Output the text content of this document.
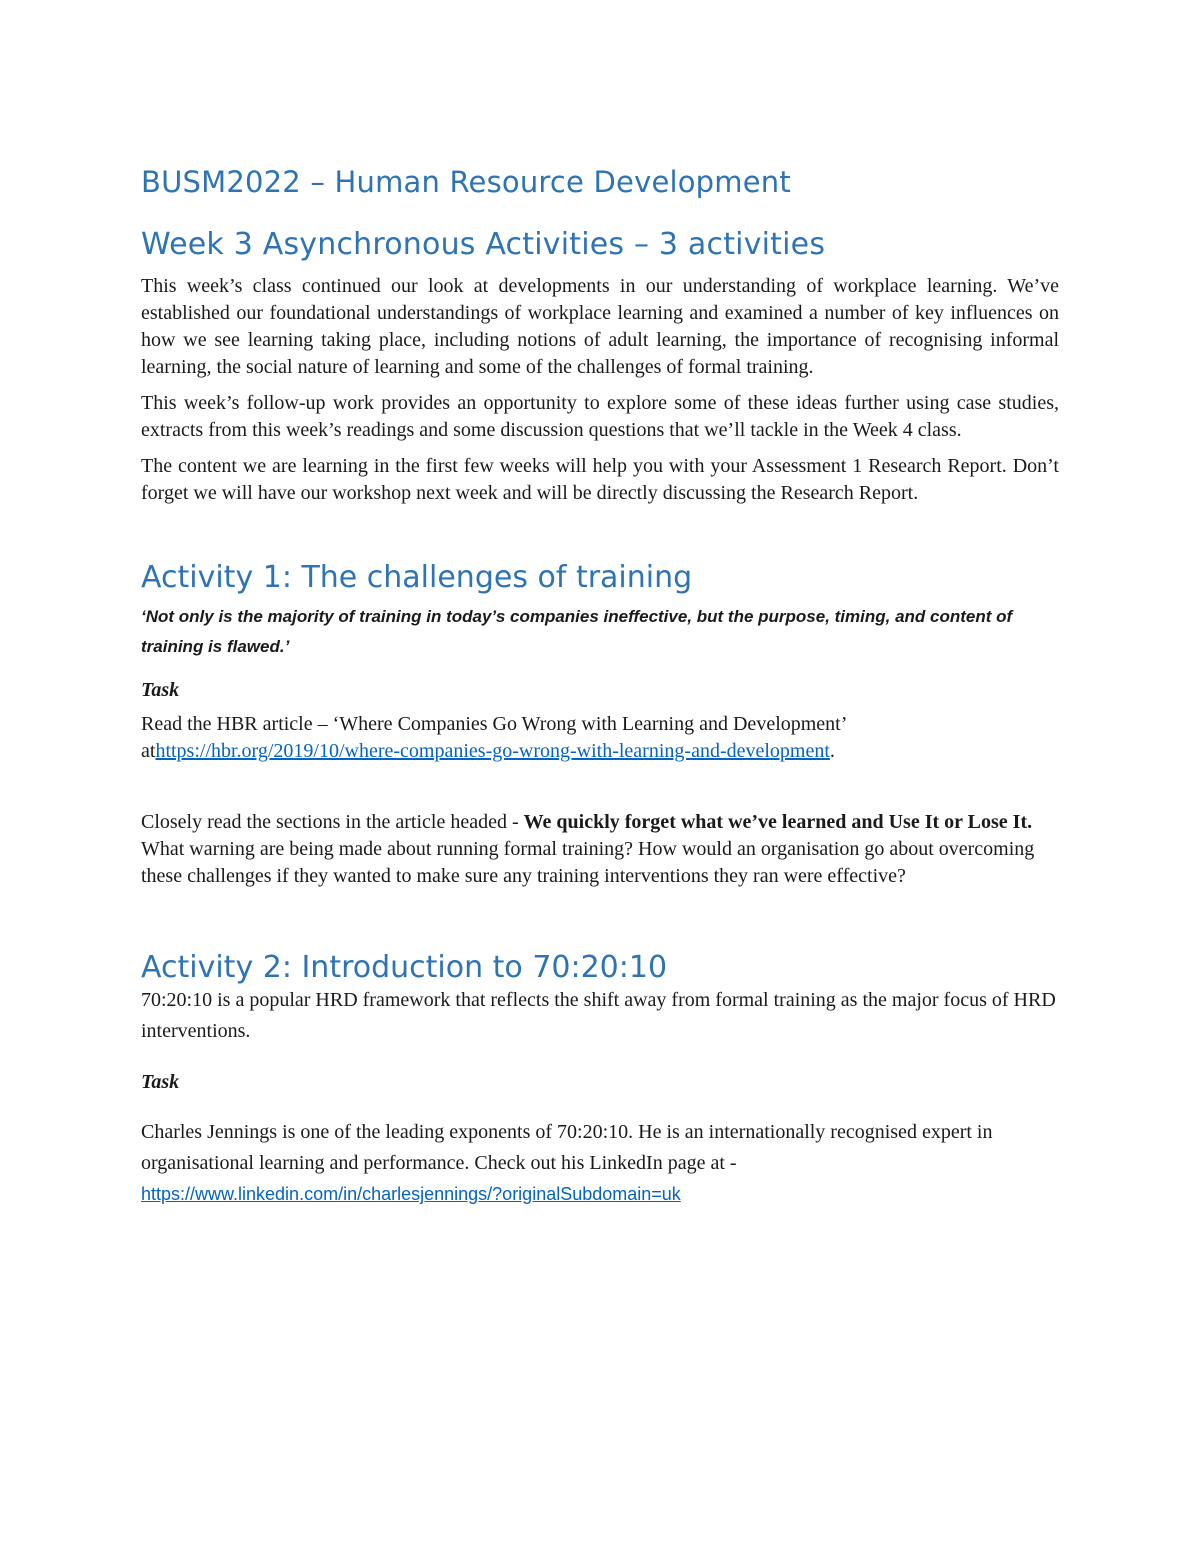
BUSM2022 – Human Resource Development
Week 3 Asynchronous Activities – 3 activities

This week’s class continued our look at developments in our understanding of workplace learning. We’ve established our foundational understandings of workplace learning and examined a number of key influences on how we see learning taking place, including notions of adult learning, the importance of recognising informal learning, the social nature of learning and some of the challenges of formal training.

This week’s follow-up work provides an opportunity to explore some of these ideas further using case studies, extracts from this week’s readings and some discussion questions that we’ll tackle in the Week 4 class.

The content we are learning in the first few weeks will help you with your Assessment 1 Research Report. Don’t forget we will have our workshop next week and will be directly discussing the Research Report.

Activity 1: The challenges of training

‘Not only is the majority of training in today’s companies ineffective, but the purpose, timing, and content of training is flawed.’

Task

Read the HBR article – ‘Where Companies Go Wrong with Learning and Development’
athttps://hbr.org/2019/10/where-companies-go-wrong-with-learning-and-development.

Closely read the sections in the article headed - We quickly forget what we’ve learned and Use It or Lose It. What warning are being made about running formal training? How would an organisation go about overcoming these challenges if they wanted to make sure any training interventions they ran were effective?

Activity 2: Introduction to 70:20:10

70:20:10 is a popular HRD framework that reflects the shift away from formal training as the major focus of HRD interventions.

Task

Charles Jennings is one of the leading exponents of 70:20:10. He is an internationally recognised expert in organisational learning and performance. Check out his LinkedIn page at -
https://www.linkedin.com/in/charlesjennings/?originalSubdomain=uk
